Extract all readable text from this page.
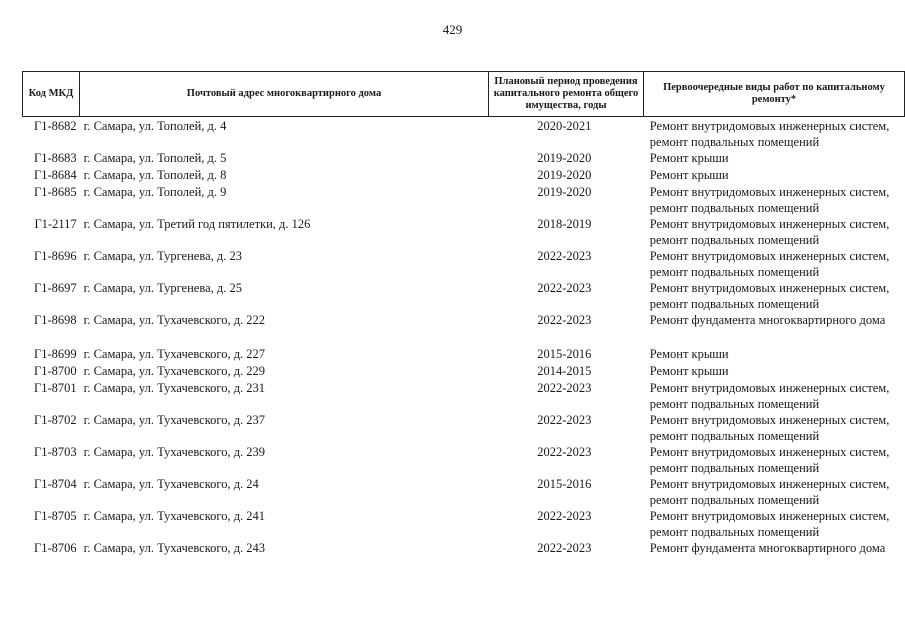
429
Код МКД	Почтовый адрес многоквартирного дома	Плановый период проведения капитального ремонта общего имущества, годы	Первоочередные виды работ по капитальному ремонту*
Г1-8682 г. Самара, ул. Тополей, д. 4	2020-2021	Ремонт внутридомовых инженерных систем, ремонт подвальных помещений
Г1-8683 г. Самара, ул. Тополей, д. 5	2019-2020	Ремонт крыши
Г1-8684 г. Самара, ул. Тополей, д. 8	2019-2020	Ремонт крыши
Г1-8685 г. Самара, ул. Тополей, д. 9	2019-2020	Ремонт внутридомовых инженерных систем, ремонт подвальных помещений
Г1-2117 г. Самара, ул. Третий год пятилетки, д. 126	2018-2019	Ремонт внутридомовых инженерных систем, ремонт подвальных помещений
Г1-8696 г. Самара, ул. Тургенева, д. 23	2022-2023	Ремонт внутридомовых инженерных систем, ремонт подвальных помещений
Г1-8697 г. Самара, ул. Тургенева, д. 25	2022-2023	Ремонт внутридомовых инженерных систем, ремонт подвальных помещений
Г1-8698 г. Самара, ул. Тухачевского, д. 222	2022-2023	Ремонт фундамента многоквартирного дома
Г1-8699 г. Самара, ул. Тухачевского, д. 227	2015-2016	Ремонт крыши
Г1-8700 г. Самара, ул. Тухачевского, д. 229	2014-2015	Ремонт крыши
Г1-8701 г. Самара, ул. Тухачевского, д. 231	2022-2023	Ремонт внутридомовых инженерных систем, ремонт подвальных помещений
Г1-8702 г. Самара, ул. Тухачевского, д. 237	2022-2023	Ремонт внутридомовых инженерных систем, ремонт подвальных помещений
Г1-8703 г. Самара, ул. Тухачевского, д. 239	2022-2023	Ремонт внутридомовых инженерных систем, ремонт подвальных помещений
Г1-8704 г. Самара, ул. Тухачевского, д. 24	2015-2016	Ремонт внутридомовых инженерных систем, ремонт подвальных помещений
Г1-8705 г. Самара, ул. Тухачевского, д. 241	2022-2023	Ремонт внутридомовых инженерных систем, ремонт подвальных помещений
Г1-8706 г. Самара, ул. Тухачевского, д. 243	2022-2023	Ремонт фундамента многоквартирного дома
